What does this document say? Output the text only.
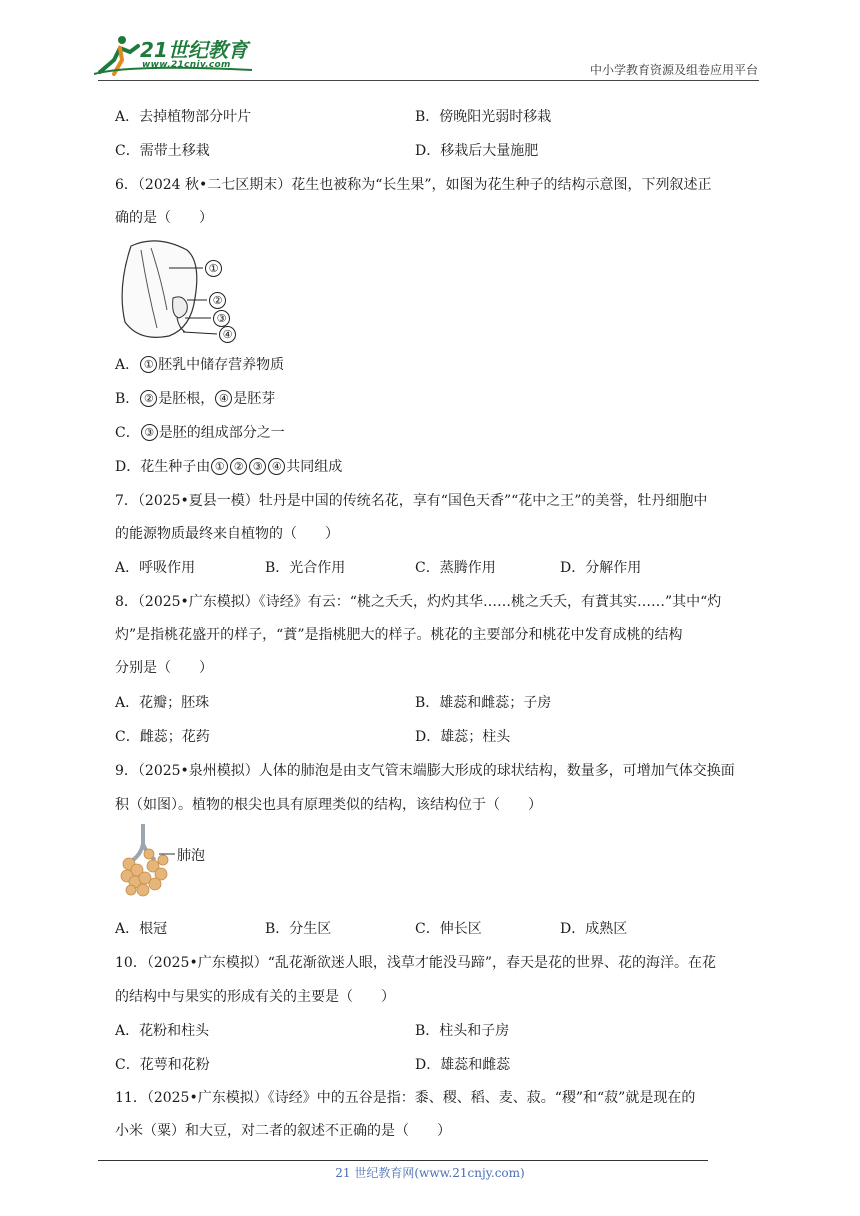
21世纪教育
www.21cnjy.com	中小学教育资源及组卷应用平台
A．去掉植物部分叶片	B．傍晚阳光弱时移栽
C．需带土移栽	D．移栽后大量施肥
6．（2024 秋•二七区期末）花生也被称为“长生果”，如图为花生种子的结构示意图，下列叙述正
确的是（　　）
①
②
③
④
A． ① 胚乳中储存营养物质
B． ② 是胚根， ④ 是胚芽
C． ③ 是胚的组成部分之一
D．花生种子由 ① ② ③ ④ 共同组成
7．（2025•夏县一模）牡丹是中国的传统名花，享有“国色天香”“花中之王”的美誉，牡丹细胞中
的能源物质最终来自植物的（　　）
A．呼吸作用	B．光合作用	C．蒸腾作用	D．分解作用
8．（2025•广东模拟）《诗经》有云：“桃之夭夭，灼灼其华……桃之夭夭，有蕡其实……”其中“灼
灼”是指桃花盛开的样子，“蕡”是指桃肥大的样子。桃花的主要部分和桃花中发育成桃的结构
分别是（　　）
A．花瓣；胚珠	B．雄蕊和雌蕊；子房
C．雌蕊；花药	D．雄蕊；柱头
9．（2025•泉州模拟）人体的肺泡是由支气管末端膨大形成的球状结构，数量多，可增加气体交换面
积（如图）。植物的根尖也具有原理类似的结构，该结构位于（　　）
肺泡
A．根冠	B．分生区	C．伸长区	D．成熟区
10．（2025•广东模拟）“乱花渐欲迷人眼，浅草才能没马蹄”，春天是花的世界、花的海洋。在花
的结构中与果实的形成有关的主要是（　　）
A．花粉和柱头	B．柱头和子房
C．花萼和花粉	D．雄蕊和雌蕊
11．（2025•广东模拟）《诗经》中的五谷是指：黍、稷、稻、麦、菽。“稷”和“菽”就是现在的
小米（粟）和大豆，对二者的叙述不正确的是（　　）
21 世纪教育网(www.21cnjy.com)
